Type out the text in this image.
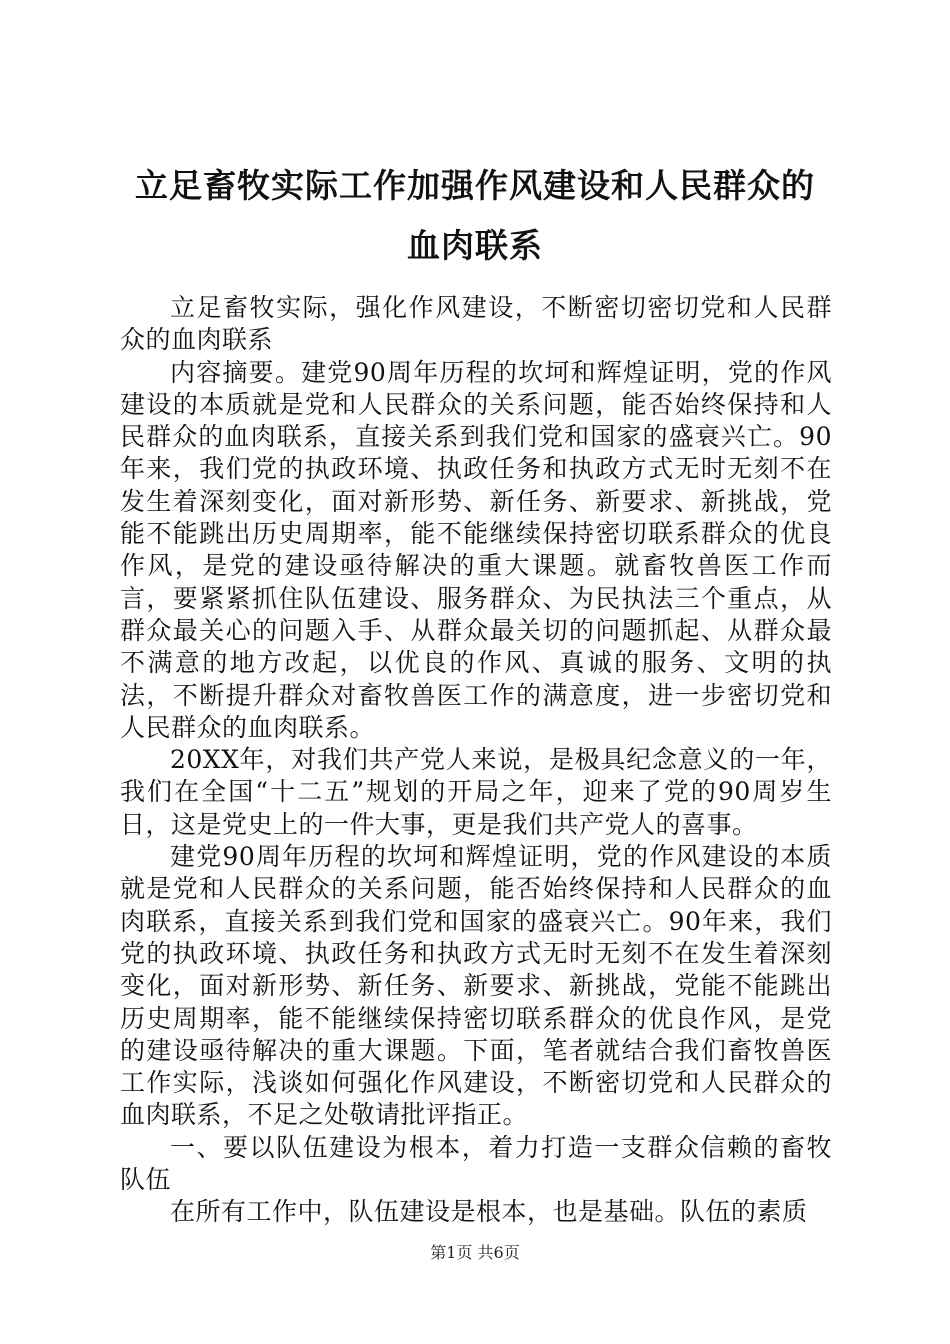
立足畜牧实际工作加强作风建设和人民群众的
血肉联系

立足畜牧实际，强化作风建设，不断密切密切党和人民群众的血肉联系

内容摘要。建党90周年历程的坎坷和辉煌证明，党的作风建设的本质就是党和人民群众的关系问题，能否始终保持和人民群众的血肉联系，直接关系到我们党和国家的盛衰兴亡。90年来，我们党的执政环境、执政任务和执政方式无时无刻不在发生着深刻变化，面对新形势、新任务、新要求、新挑战，党能不能跳出历史周期率，能不能继续保持密切联系群众的优良作风，是党的建设亟待解决的重大课题。就畜牧兽医工作而言，要紧紧抓住队伍建设、服务群众、为民执法三个重点，从群众最关心的问题入手、从群众最关切的问题抓起、从群众最不满意的地方改起，以优良的作风、真诚的服务、文明的执法，不断提升群众对畜牧兽医工作的满意度，进一步密切党和人民群众的血肉联系。

20XX年，对我们共产党人来说，是极具纪念意义的一年，我们在全国“十二五”规划的开局之年，迎来了党的90周岁生日，这是党史上的一件大事，更是我们共产党人的喜事。

建党90周年历程的坎坷和辉煌证明，党的作风建设的本质就是党和人民群众的关系问题，能否始终保持和人民群众的血肉联系，直接关系到我们党和国家的盛衰兴亡。90年来，我们党的执政环境、执政任务和执政方式无时无刻不在发生着深刻变化，面对新形势、新任务、新要求、新挑战，党能不能跳出历史周期率，能不能继续保持密切联系群众的优良作风，是党的建设亟待解决的重大课题。下面，笔者就结合我们畜牧兽医工作实际，浅谈如何强化作风建设，不断密切党和人民群众的血肉联系，不足之处敬请批评指正。

一、要以队伍建设为根本，着力打造一支群众信赖的畜牧队伍

在所有工作中，队伍建设是根本，也是基础。队伍的素质

第1页 共6页
